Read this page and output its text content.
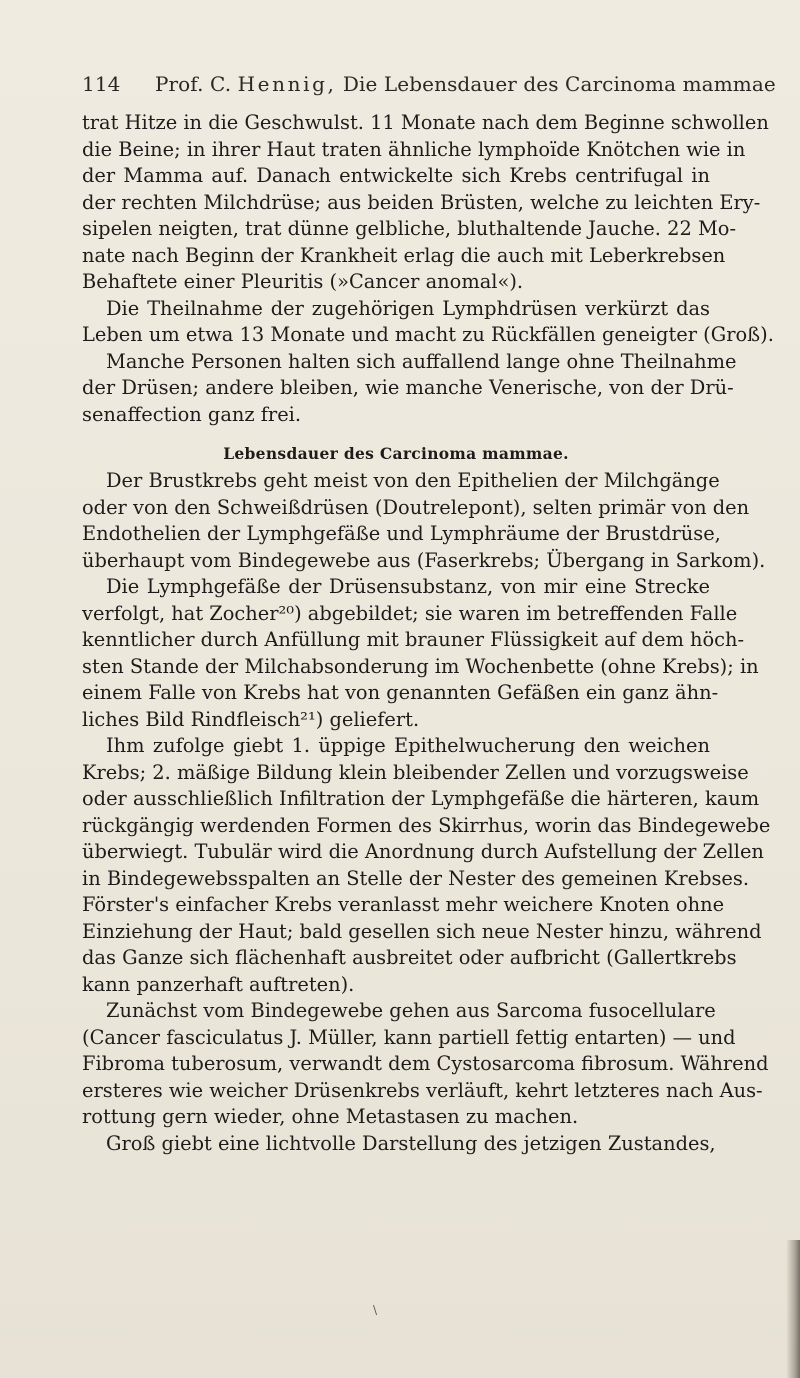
114 Prof. C. Hennig, Die Lebensdauer des Carcinoma mammae
trat Hitze in die Geschwulst. 11 Monate nach dem Beginne schwollen
die Beine; in ihrer Haut traten ähnliche lymphoïde Knötchen wie in
der Mamma auf. Danach entwickelte sich Krebs centrifugal in
der rechten Milchdrüse; aus beiden Brüsten, welche zu leichten Ery-
sipelen neigten, trat dünne gelbliche, bluthaltende Jauche. 22 Mo-
nate nach Beginn der Krankheit erlag die auch mit Leberkrebsen
Behaftete einer Pleuritis (»Cancer anomal«).
Die Theilnahme der zugehörigen Lymphdrüsen verkürzt das
Leben um etwa 13 Monate und macht zu Rückfällen geneigter (Groß).
Manche Personen halten sich auffallend lange ohne Theilnahme
der Drüsen; andere bleiben, wie manche Venerische, von der Drü-
senaffection ganz frei.
Lebensdauer des Carcinoma mammae.
Der Brustkrebs geht meist von den Epithelien der Milchgänge
oder von den Schweißdrüsen (Doutrelepont), selten primär von den
Endothelien der Lymphgefäße und Lymphräume der Brustdrüse,
überhaupt vom Bindegewebe aus (Faserkrebs; Übergang in Sarkom).
Die Lymphgefäße der Drüsensubstanz, von mir eine Strecke
verfolgt, hat Zocher²⁰) abgebildet; sie waren im betreffenden Falle
kenntlicher durch Anfüllung mit brauner Flüssigkeit auf dem höch-
sten Stande der Milchabsonderung im Wochenbette (ohne Krebs); in
einem Falle von Krebs hat von genannten Gefäßen ein ganz ähn-
liches Bild Rindfleisch²¹) geliefert.
Ihm zufolge giebt 1. üppige Epithelwucherung den weichen
Krebs; 2. mäßige Bildung klein bleibender Zellen und vorzugsweise
oder ausschließlich Infiltration der Lymphgefäße die härteren, kaum
rückgängig werdenden Formen des Skirrhus, worin das Bindegewebe
überwiegt. Tubulär wird die Anordnung durch Aufstellung der Zellen
in Bindegewebsspalten an Stelle der Nester des gemeinen Krebses.
Förster's einfacher Krebs veranlasst mehr weichere Knoten ohne
Einziehung der Haut; bald gesellen sich neue Nester hinzu, während
das Ganze sich flächenhaft ausbreitet oder aufbricht (Gallertkrebs
kann panzerhaft auftreten).
Zunächst vom Bindegewebe gehen aus Sarcoma fusocellulare
(Cancer fasciculatus J. Müller, kann partiell fettig entarten) — und
Fibroma tuberosum, verwandt dem Cystosarcoma fibrosum. Während
ersteres wie weicher Drüsenkrebs verläuft, kehrt letzteres nach Aus-
rottung gern wieder, ohne Metastasen zu machen.
Groß giebt eine lichtvolle Darstellung des jetzigen Zustandes,
\
